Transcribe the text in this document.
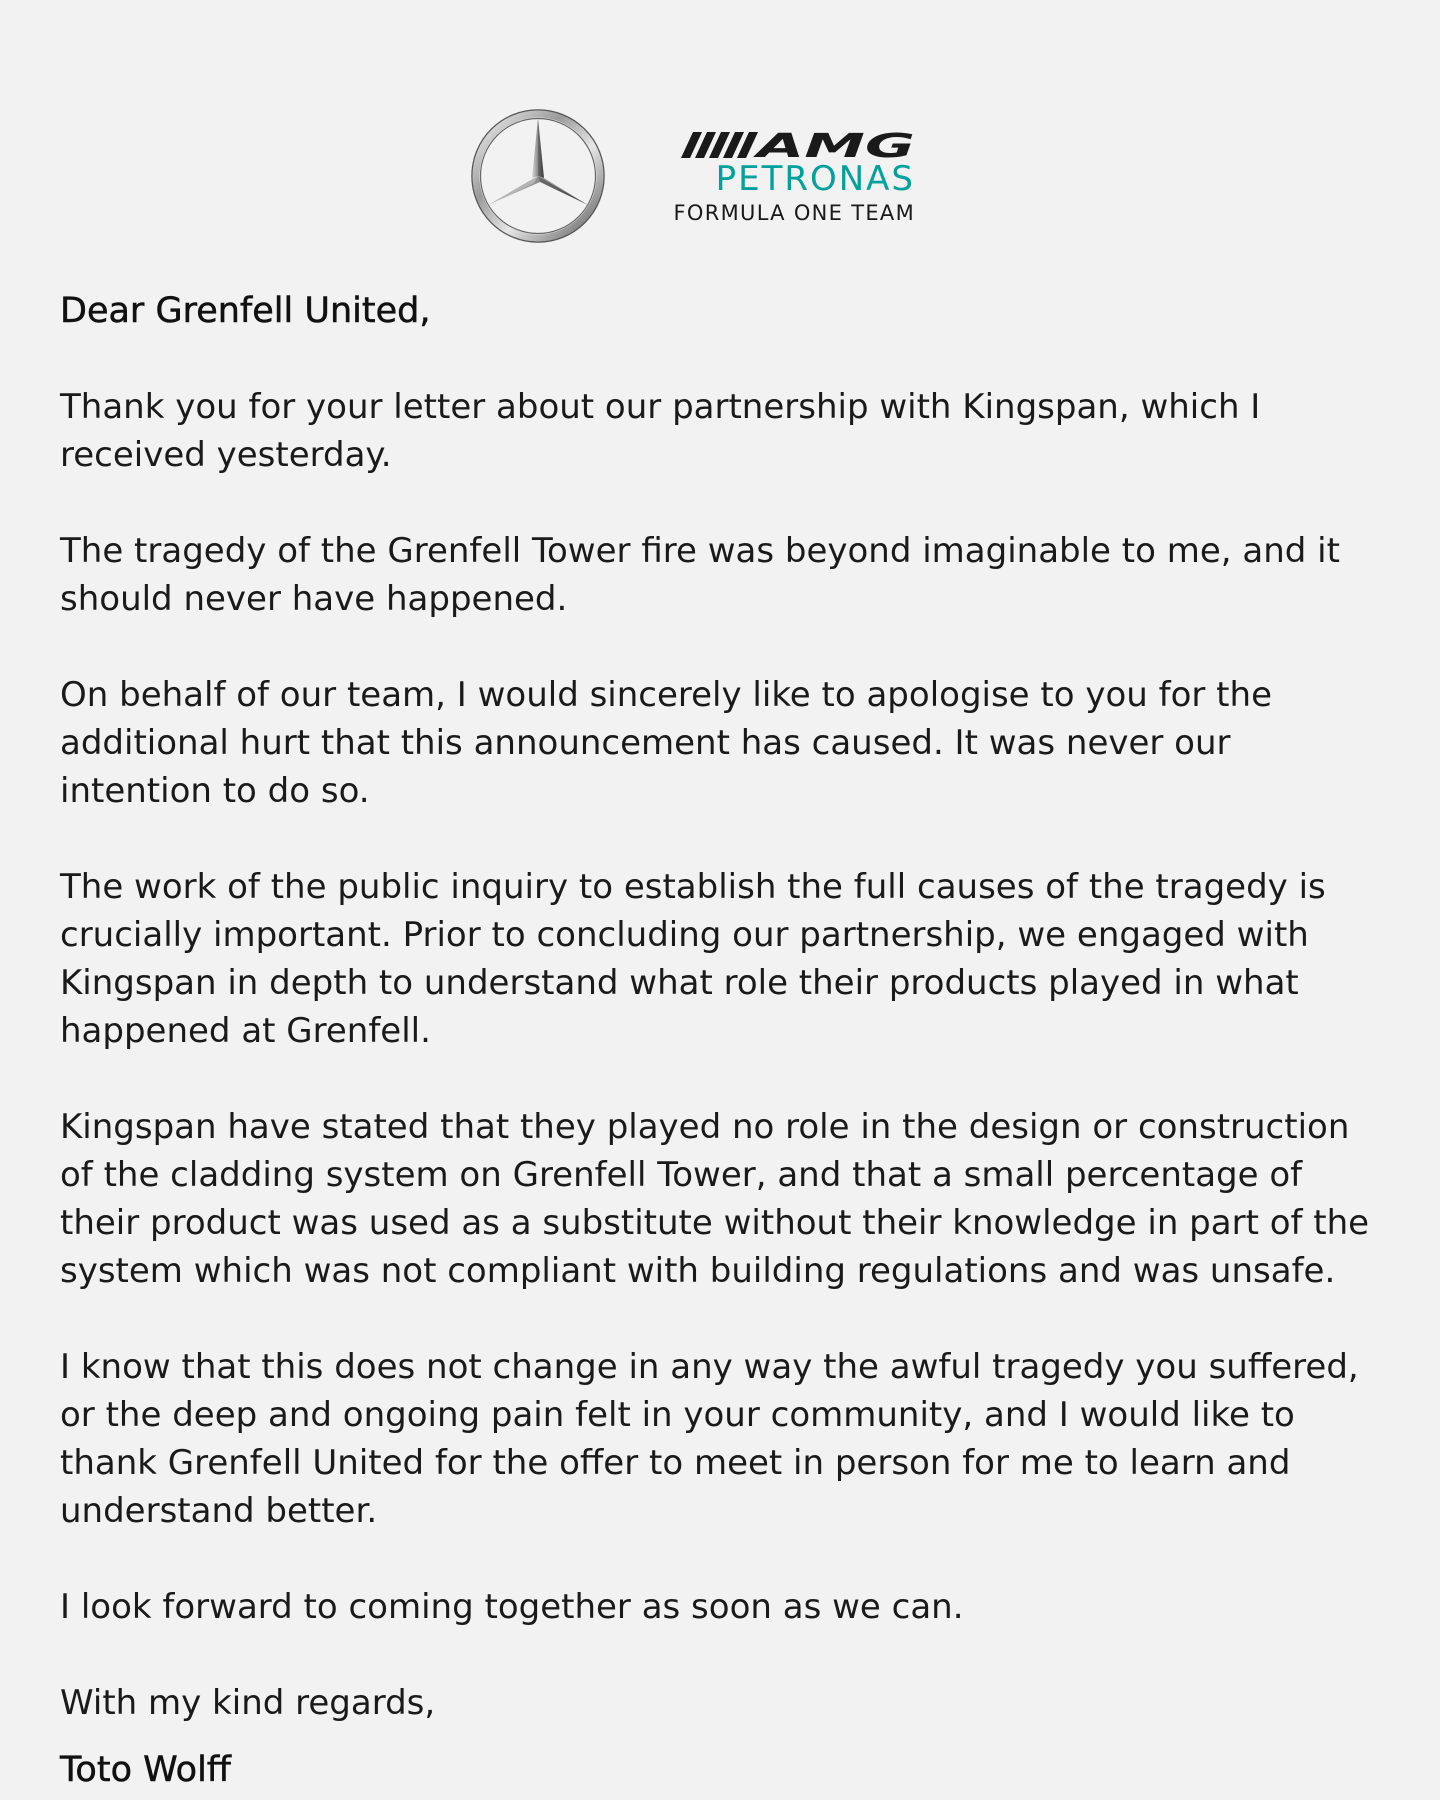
AMG
PETRONAS
FORMULA ONE TEAM

Dear Grenfell United,

Thank you for your letter about our partnership with Kingspan, which I received yesterday.

The tragedy of the Grenfell Tower fire was beyond imaginable to me, and it should never have happened.

On behalf of our team, I would sincerely like to apologise to you for the additional hurt that this announcement has caused. It was never our intention to do so.

The work of the public inquiry to establish the full causes of the tragedy is crucially important. Prior to concluding our partnership, we engaged with Kingspan in depth to understand what role their products played in what happened at Grenfell.

Kingspan have stated that they played no role in the design or construction of the cladding system on Grenfell Tower, and that a small percentage of their product was used as a substitute without their knowledge in part of the system which was not compliant with building regulations and was unsafe.

I know that this does not change in any way the awful tragedy you suffered, or the deep and ongoing pain felt in your community, and I would like to thank Grenfell United for the offer to meet in person for me to learn and understand better.

I look forward to coming together as soon as we can.

With my kind regards,

Toto Wolff
